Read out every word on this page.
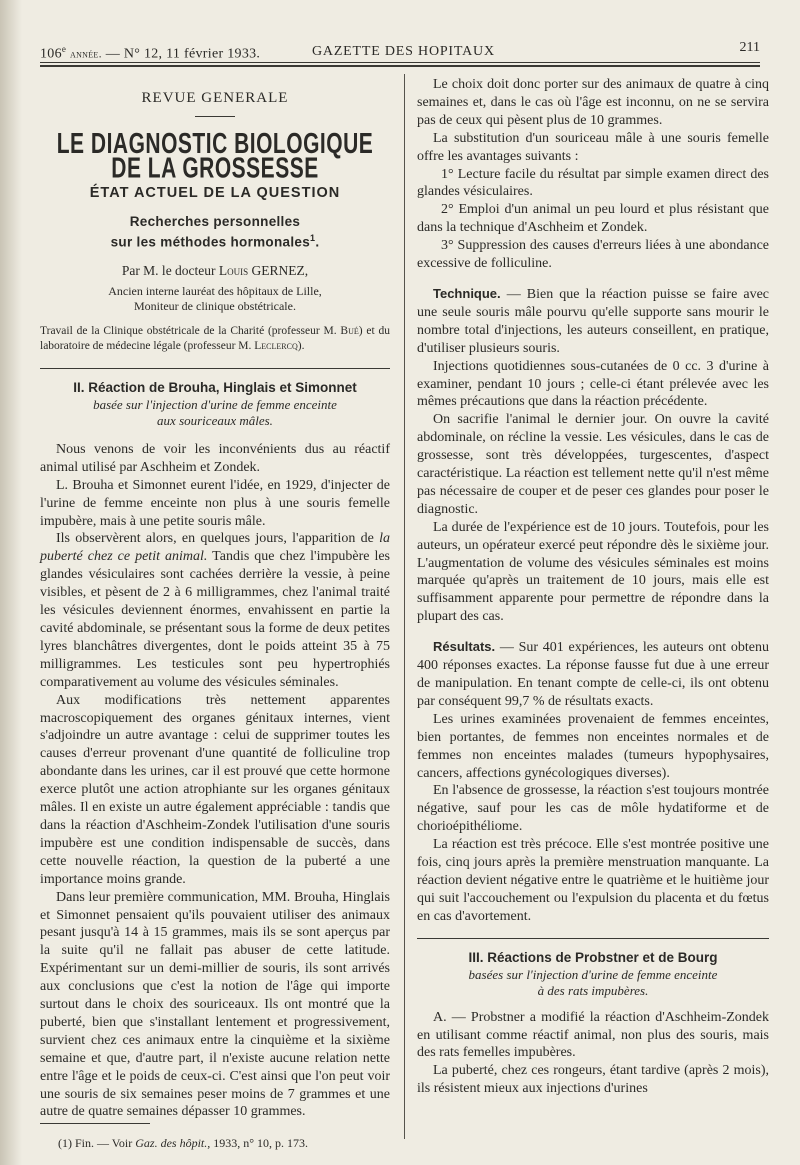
106e année. — N° 12, 11 février 1933.	GAZETTE DES HOPITAUX	211
REVUE GENERALE
LE DIAGNOSTIC BIOLOGIQUE DE LA GROSSESSE
ÉTAT ACTUEL DE LA QUESTION
Recherches personnelles
sur les méthodes hormonales$^1$.
Par M. le docteur Louis GERNEZ,
Ancien interne lauréat des hôpitaux de Lille,
Moniteur de clinique obstétricale.
Travail de la Clinique obstétricale de la Charité (professeur M. Bué) et du laboratoire de médecine légale (professeur M. Leclercq).
II. Réaction de Brouha, Hinglais et Simonnet
basée sur l'injection d'urine de femme enceinte
aux souriceaux mâles.

Nous venons de voir les inconvénients dus au réactif animal utilisé par Aschheim et Zondek.

L. Brouha et Simonnet eurent l'idée, en 1929, d'injecter de l'urine de femme enceinte non plus à une souris femelle impubère, mais à une petite souris mâle.

Ils observèrent alors, en quelques jours, l'apparition de la puberté chez ce petit animal. Tandis que chez l'impubère les glandes vésiculaires sont cachées derrière la vessie, à peine visibles, et pèsent de 2 à 6 milligrammes, chez l'animal traité les vésicules deviennent énormes, envahissent en partie la cavité abdominale, se présentant sous la forme de deux petites lyres blanchâtres divergentes, dont le poids atteint 35 à 75 milligrammes. Les testicules sont peu hypertrophiés comparativement au volume des vésicules séminales.

Aux modifications très nettement apparentes macroscopiquement des organes génitaux internes, vient s'adjoindre un autre avantage : celui de supprimer toutes les causes d'erreur provenant d'une quantité de folliculine trop abondante dans les urines, car il est prouvé que cette hormone exerce plutôt une action atrophiante sur les organes génitaux mâles. Il en existe un autre également appréciable : tandis que dans la réaction d'Aschheim-Zondek l'utilisation d'une souris impubère est une condition indispensable de succès, dans cette nouvelle réaction, la question de la puberté a une importance moins grande.

Dans leur première communication, MM. Brouha, Hinglais et Simonnet pensaient qu'ils pouvaient utiliser des animaux pesant jusqu'à 14 à 15 grammes, mais ils se sont aperçus par la suite qu'il ne fallait pas abuser de cette latitude. Expérimentant sur un demi-millier de souris, ils sont arrivés aux conclusions que c'est la notion de l'âge qui importe surtout dans le choix des souriceaux. Ils ont montré que la puberté, bien que s'installant lentement et progressivement, survient chez ces animaux entre la cinquième et la sixième semaine et que, d'autre part, il n'existe aucune relation nette entre l'âge et le poids de ceux-ci. C'est ainsi que l'on peut voir une souris de six semaines peser moins de 7 grammes et une autre de quatre semaines dépasser 10 grammes.

(1) Fin. — Voir Gaz. des hôpit., 1933, n° 10, p. 173.

Le choix doit donc porter sur des animaux de quatre à cinq semaines et, dans le cas où l'âge est inconnu, on ne se servira pas de ceux qui pèsent plus de 10 grammes.

La substitution d'un souriceau mâle à une souris femelle offre les avantages suivants :

1° Lecture facile du résultat par simple examen direct des glandes vésiculaires.

2° Emploi d'un animal un peu lourd et plus résistant que dans la technique d'Aschheim et Zondek.

3° Suppression des causes d'erreurs liées à une abondance excessive de folliculine.

Technique. — Bien que la réaction puisse se faire avec une seule souris mâle pourvu qu'elle supporte sans mourir le nombre total d'injections, les auteurs conseillent, en pratique, d'utiliser plusieurs souris.

Injections quotidiennes sous-cutanées de 0 cc. 3 d'urine à examiner, pendant 10 jours ; celle-ci étant prélevée avec les mêmes précautions que dans la réaction précédente.

On sacrifie l'animal le dernier jour. On ouvre la cavité abdominale, on récline la vessie. Les vésicules, dans le cas de grossesse, sont très développées, turgescentes, d'aspect caractéristique. La réaction est tellement nette qu'il n'est même pas nécessaire de couper et de peser ces glandes pour poser le diagnostic.

La durée de l'expérience est de 10 jours. Toutefois, pour les auteurs, un opérateur exercé peut répondre dès le sixième jour. L'augmentation de volume des vésicules séminales est moins marquée qu'après un traitement de 10 jours, mais elle est suffisamment apparente pour permettre de répondre dans la plupart des cas.

Résultats. — Sur 401 expériences, les auteurs ont obtenu 400 réponses exactes. La réponse fausse fut due à une erreur de manipulation. En tenant compte de celle-ci, ils ont obtenu par conséquent 99,7 % de résultats exacts.

Les urines examinées provenaient de femmes enceintes, bien portantes, de femmes non enceintes normales et de femmes non enceintes malades (tumeurs hypophysaires, cancers, affections gynécologiques diverses).

En l'absence de grossesse, la réaction s'est toujours montrée négative, sauf pour les cas de môle hydatiforme et de chorioépithéliome.

La réaction est très précoce. Elle s'est montrée positive une fois, cinq jours après la première menstruation manquante. La réaction devient négative entre le quatrième et le huitième jour qui suit l'accouchement ou l'expulsion du placenta et du fœtus en cas d'avortement.

III. Réactions de Probstner et de Bourg
basées sur l'injection d'urine de femme enceinte
à des rats impubères.

A. — Probstner a modifié la réaction d'Aschheim-Zondek en utilisant comme réactif animal, non plus des souris, mais des rats femelles impubères.

La puberté, chez ces rongeurs, étant tardive (après 2 mois), ils résistent mieux aux injections d'urines
